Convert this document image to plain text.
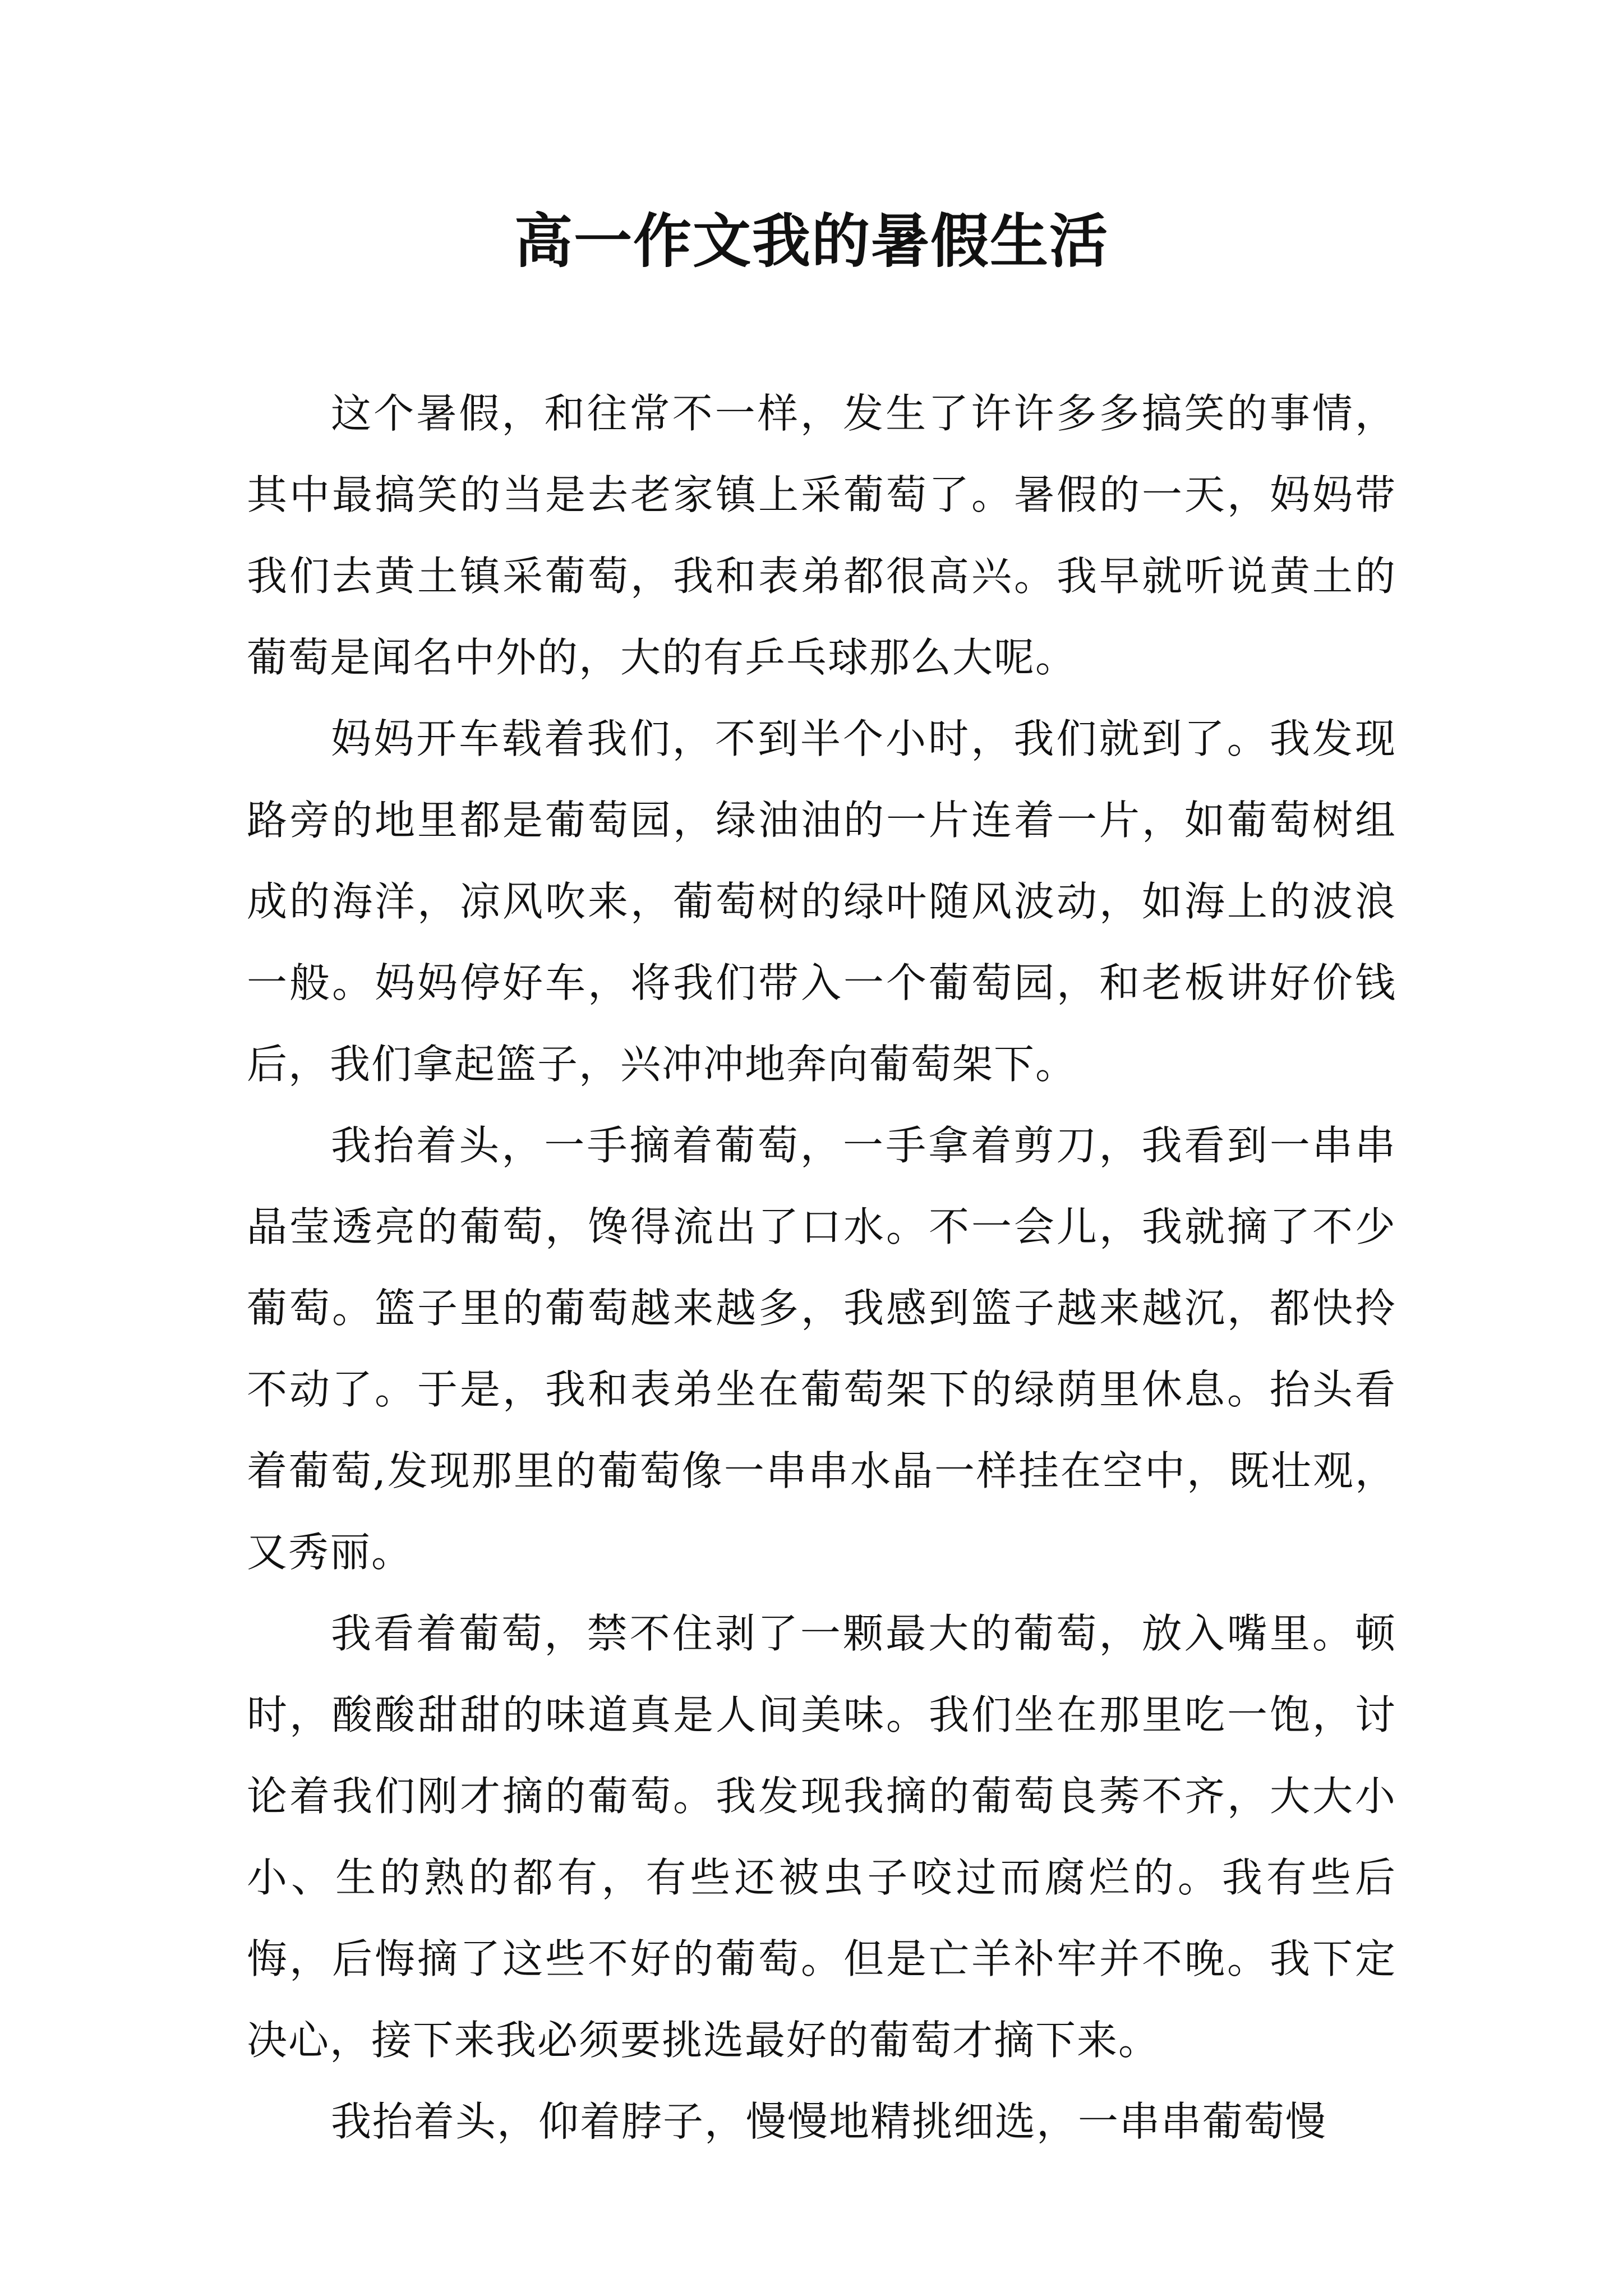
高一作文我的暑假生活

这个暑假，和往常不一样，发生了许许多多搞笑的事情，其中最搞笑的当是去老家镇上采葡萄了。暑假的一天，妈妈带我们去黄土镇采葡萄，我和表弟都很高兴。我早就听说黄土的葡萄是闻名中外的，大的有乒乓球那么大呢。

妈妈开车载着我们，不到半个小时，我们就到了。我发现路旁的地里都是葡萄园，绿油油的一片连着一片，如葡萄树组成的海洋，凉风吹来，葡萄树的绿叶随风波动，如海上的波浪一般。妈妈停好车，将我们带入一个葡萄园，和老板讲好价钱后，我们拿起篮子，兴冲冲地奔向葡萄架下。

我抬着头，一手摘着葡萄，一手拿着剪刀，我看到一串串晶莹透亮的葡萄，馋得流出了口水。不一会儿，我就摘了不少葡萄。篮子里的葡萄越来越多，我感到篮子越来越沉，都快拎不动了。于是，我和表弟坐在葡萄架下的绿荫里休息。抬头看着葡萄,发现那里的葡萄像一串串水晶一样挂在空中，既壮观，又秀丽。

我看着葡萄，禁不住剥了一颗最大的葡萄，放入嘴里。顿时，酸酸甜甜的味道真是人间美味。我们坐在那里吃一饱，讨论着我们刚才摘的葡萄。我发现我摘的葡萄良莠不齐，大大小小、生的熟的都有，有些还被虫子咬过而腐烂的。我有些后悔，后悔摘了这些不好的葡萄。但是亡羊补牢并不晚。我下定决心，接下来我必须要挑选最好的葡萄才摘下来。

我抬着头，仰着脖子，慢慢地精挑细选，一串串葡萄慢
